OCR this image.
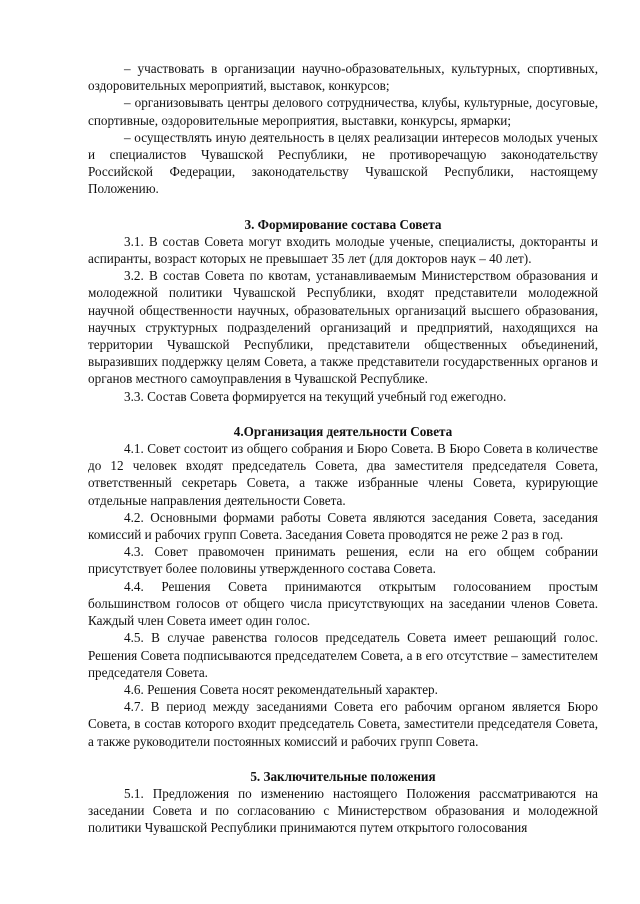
– участвовать в организации научно-образовательных, культурных, спортивных, оздоровительных мероприятий, выставок, конкурсов;

– организовывать центры делового сотрудничества, клубы, культурные, досуговые, спортивные, оздоровительные мероприятия, выставки, конкурсы, ярмарки;

– осуществлять иную деятельность в целях реализации интересов молодых ученых и специалистов Чувашской Республики, не противоречащую законодательству Российской Федерации, законодательству Чувашской Республики, настоящему Положению.

3. Формирование состава Совета

3.1. В состав Совета могут входить молодые ученые, специалисты, докторанты и аспиранты, возраст которых не превышает 35 лет (для докторов наук – 40 лет).

3.2. В состав Совета по квотам, устанавливаемым Министерством образования и молодежной политики Чувашской Республики, входят представители молодежной научной общественности научных, образовательных организаций высшего образования, научных структурных подразделений организаций и предприятий, находящихся на территории Чувашской Республики, представители общественных объединений, выразивших поддержку целям Совета, а также представители государственных органов и органов местного самоуправления в Чувашской Республике.

3.3. Состав Совета формируется на текущий учебный год ежегодно.

4.Организация деятельности Совета

4.1. Совет состоит из общего собрания и Бюро Совета. В Бюро Совета в количестве до 12 человек входят председатель Совета, два заместителя председателя Совета, ответственный секретарь Совета, а также избранные члены Совета, курирующие отдельные направления деятельности Совета.

4.2. Основными формами работы Совета являются заседания Совета, заседания комиссий и рабочих групп Совета. Заседания Совета проводятся не реже 2 раз в год.

4.3. Совет правомочен принимать решения, если на его общем собрании присутствует более половины утвержденного состава Совета.

4.4. Решения Совета принимаются открытым голосованием простым большинством голосов от общего числа присутствующих на заседании членов Совета. Каждый член Совета имеет один голос.

4.5. В случае равенства голосов председатель Совета имеет решающий голос. Решения Совета подписываются председателем Совета, а в его отсутствие – заместителем председателя Совета.

4.6. Решения Совета носят рекомендательный характер.

4.7. В период между заседаниями Совета его рабочим органом является Бюро Совета, в состав которого входит председатель Совета, заместители председателя Совета, а также руководители постоянных комиссий и рабочих групп Совета.

5. Заключительные положения

5.1. Предложения по изменению настоящего Положения рассматриваются на заседании Совета и по согласованию с Министерством образования и молодежной политики Чувашской Республики принимаются путем открытого голосования
